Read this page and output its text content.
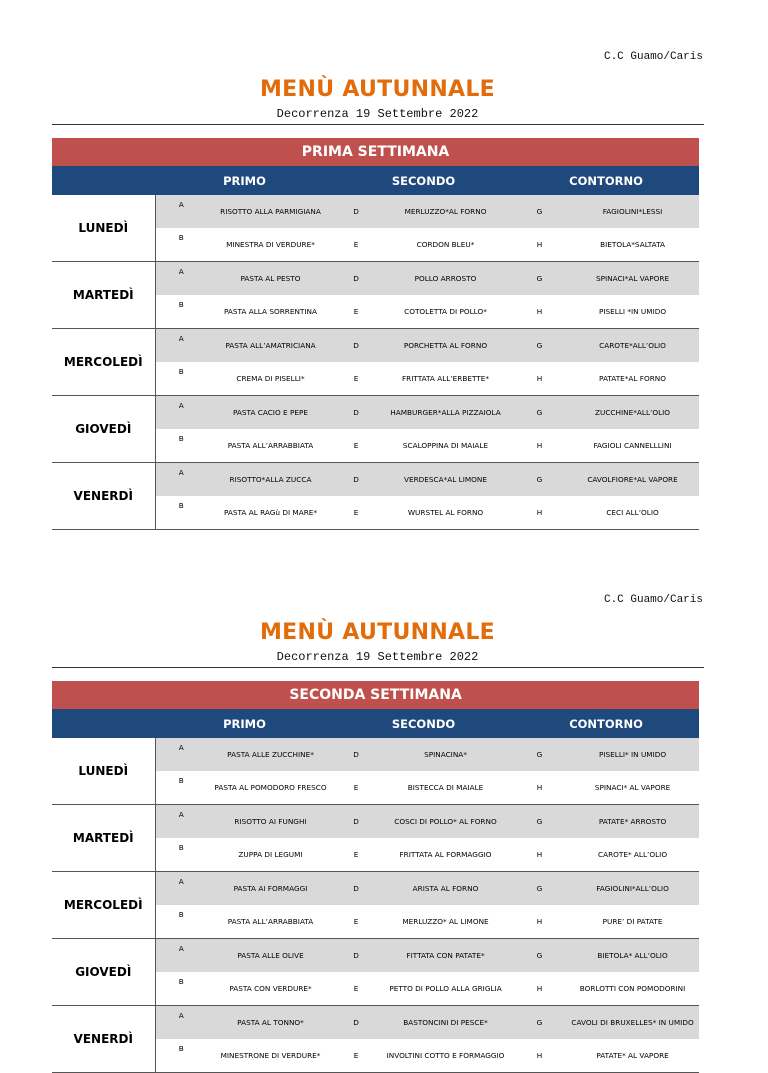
C.C Guamo/Caris
MENÙ AUTUNNALE
Decorrenza 19 Settembre 2022
PRIMA SETTIMANA						
	PRIMO		SECONDO		CONTORNO	
LUNEDÌ	A	RISOTTO ALLA PARMIGIANA	D	MERLUZZO*AL FORNO	G	FAGIOLINI*LESSI
	B	MINESTRA DI VERDURE*	E	CORDON BLEU*	H	BIETOLA*SALTATA
MARTEDÌ	A	PASTA AL PESTO	D	POLLO ARROSTO	G	SPINACI*AL VAPORE
	B	PASTA ALLA SORRENTINA	E	COTOLETTA DI POLLO*	H	PISELLI *IN UMIDO
MERCOLEDÌ	A	PASTA ALL’AMATRICIANA	D	PORCHETTA AL FORNO	G	CAROTE*ALL’OLIO
	B	CREMA DI PISELLI*	E	FRITTATA ALL’ERBETTE*	H	PATATE*AL FORNO
GIOVEDÌ	A	PASTA CACIO E PEPE	D	HAMBURGER*ALLA PIZZAIOLA	G	ZUCCHINE*ALL’OLIO
	B	PASTA ALL’ARRABBIATA	E	SCALOPPINA DI MAIALE	H	FAGIOLI CANNELLLINI
VENERDÌ	A	RISOTTO*ALLA ZUCCA	D	VERDESCA*AL LIMONE	G	CAVOLFIORE*AL VAPORE
	B	PASTA AL RAGù DI MARE*	E	WURSTEL AL FORNO	H	CECI ALL’OLIO
C.C Guamo/Caris
MENÙ AUTUNNALE
Decorrenza 19 Settembre 2022
SECONDA SETTIMANA						
	PRIMO		SECONDO		CONTORNO	
LUNEDÌ	A	PASTA ALLE ZUCCHINE*	D	SPINACINA*	G	PISELLI* IN UMIDO
	B	PASTA AL POMODORO FRESCO	E	BISTECCA DI MAIALE	H	SPINACI* AL VAPORE
MARTEDÌ	A	RISOTTO AI FUNGHI	D	COSCI DI POLLO* AL FORNO	G	PATATE* ARROSTO
	B	ZUPPA DI LEGUMI	E	FRITTATA AL FORMAGGIO	H	CAROTE* ALL’OLIO
MERCOLEDÌ	A	PASTA AI FORMAGGI	D	ARISTA AL FORNO	G	FAGIOLINI*ALL’OLIO
	B	PASTA ALL’ARRABBIATA	E	MERLUZZO* AL LIMONE	H	PURE’ DI PATATE
GIOVEDÌ	A	PASTA ALLE OLIVE	D	FITTATA CON PATATE*	G	BIETOLA* ALL’OLIO
	B	PASTA CON VERDURE*	E	PETTO DI POLLO ALLA GRIGLIA	H	BORLOTTI CON POMODORINI
VENERDÌ	A	PASTA AL TONNO*	D	BASTONCINI DI PESCE*	G	CAVOLI DI BRUXELLES* IN UMIDO
	B	MINESTRONE DI VERDURE*	E	INVOLTINI COTTO E FORMAGGIO	H	PATATE* AL VAPORE
